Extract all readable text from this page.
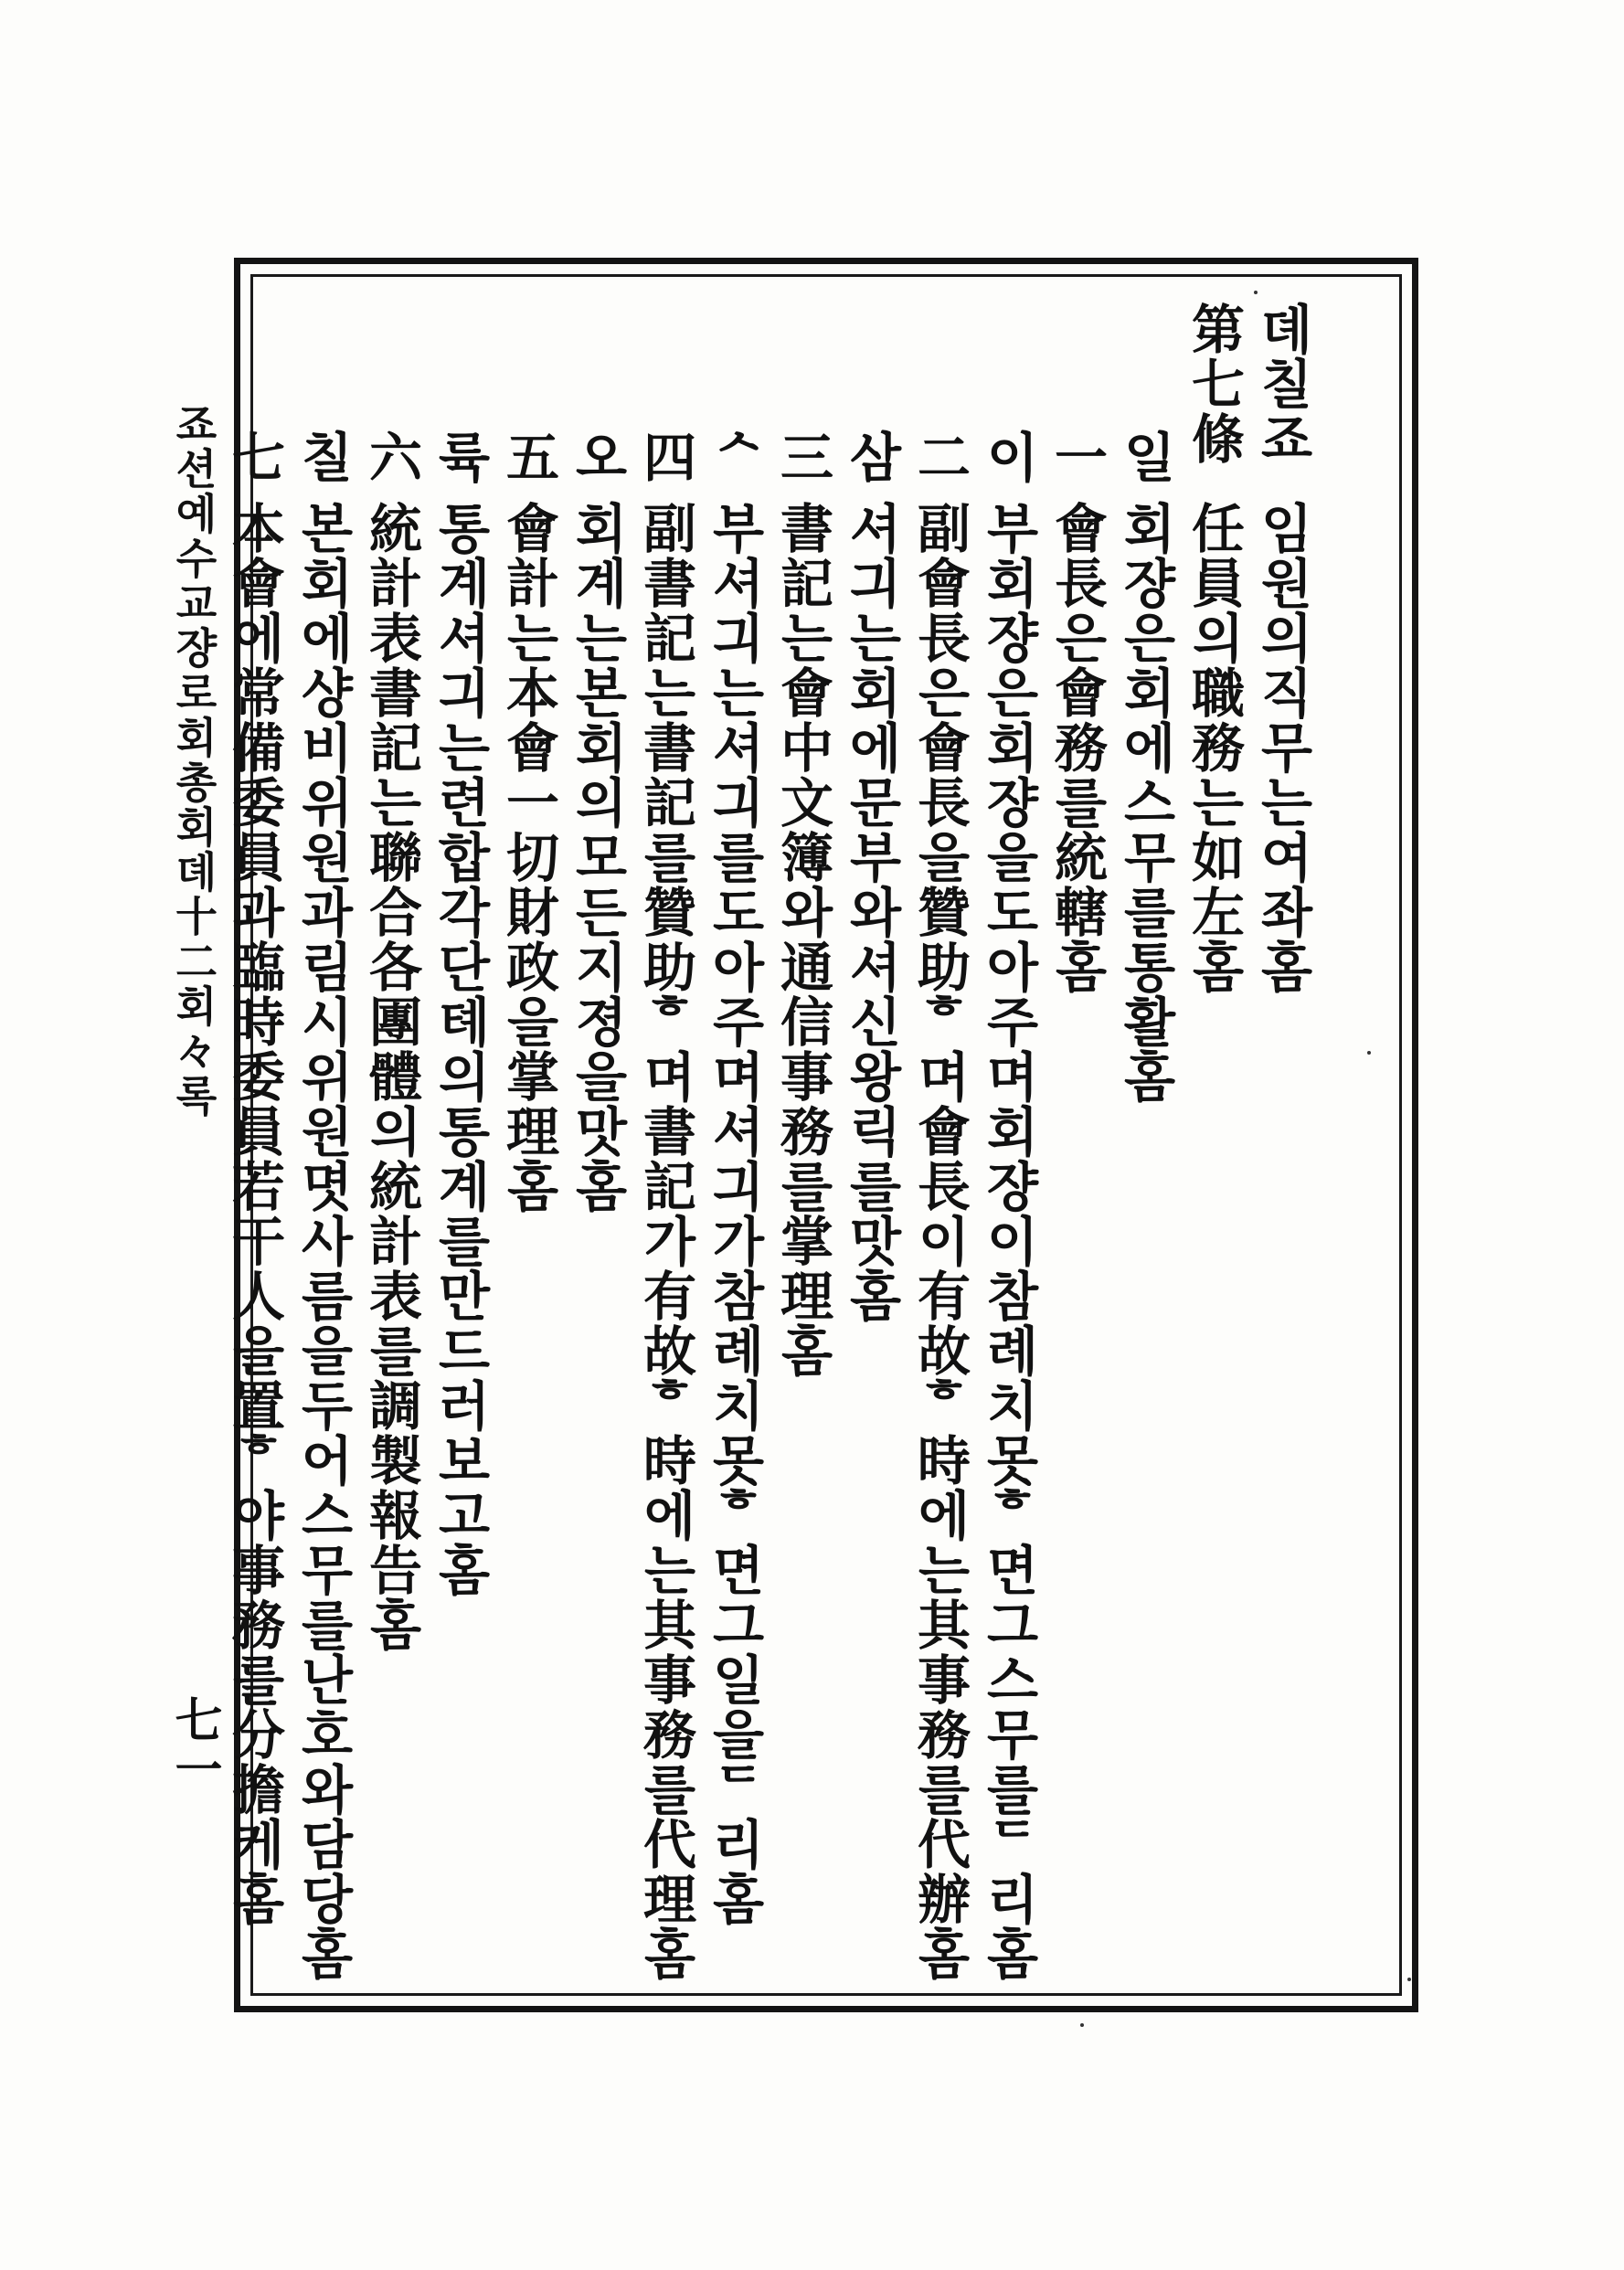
죠션예수교쟝로회총회뎨十二회々록
七一
뎨칠죠
임원의직무는여좌홈
第七條
任員의職務는如左홈
일
회쟝은회에스무를통활홈
一
會長은會務를統轄홈
이
부회쟝은회쟝을도아주며회쟝이참례치못ᄒ면그스무를ᄃ리홈
二
副會長은會長을贊助ᄒ며會長이有故ᄒ時에는其事務를代辦홈
삼
셔긔는회에문부와셔신왕릭를맛홈
三
書記는會中文簿와通信事務를掌理홈
ᄉ
부셔긔는셔긔를도아주며셔긔가참례치못ᄒ면그일을ᄃ리홈
四
副書記는書記를贊助ᄒ며書記가有故ᄒ時에는其事務를代理홈
오
회계는본회의모든지졍을맛홈
五
會計는本會一切財政을掌理홈
륙
통계셔긔는련합각단톄의통계를만드러보고홈
六
統計表書記는聯合各團體의統計表를調製報告홈
칠
본회에샹비위원과림시위원몃사름을두어스무를난호와담당홈
七
本會에常備委員과臨時委員若干人을置ᄒ야事務를分擔케홈
